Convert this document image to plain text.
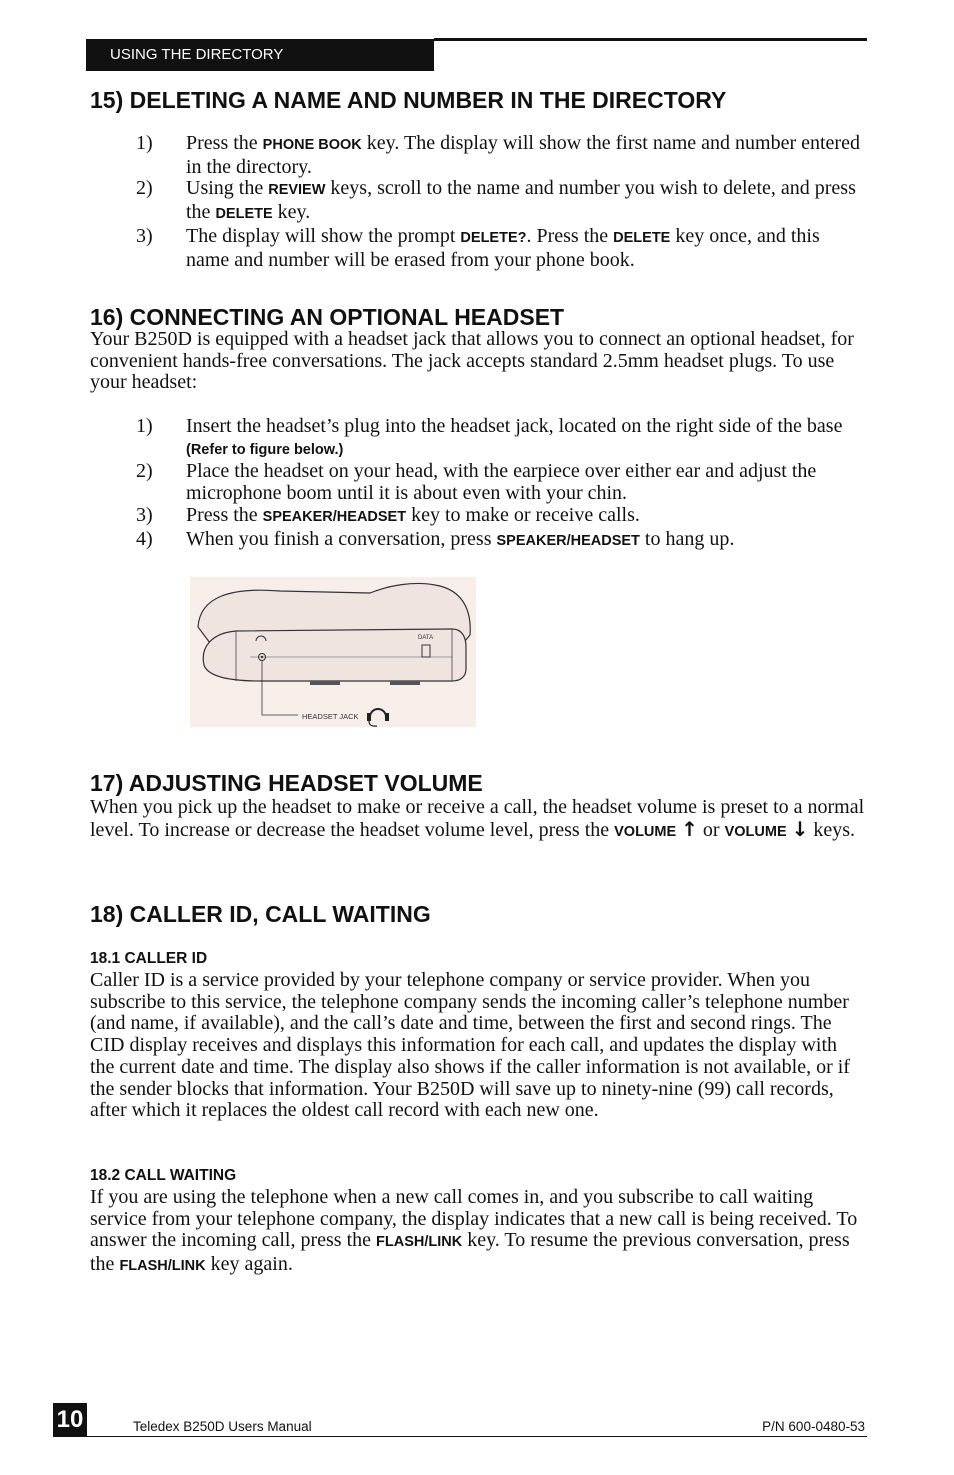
USING THE DIRECTORY
15) DELETING A NAME AND NUMBER IN THE DIRECTORY
1) Press the PHONE BOOK key. The display will show the first name and number entered in the directory.
2) Using the REVIEW keys, scroll to the name and number you wish to delete, and press the DELETE key.
3) The display will show the prompt DELETE?. Press the DELETE key once, and this name and number will be erased from your phone book.
16) CONNECTING AN OPTIONAL HEADSET

Your B250D is equipped with a headset jack that allows you to connect an optional headset, for convenient hands-free conversations. The jack accepts standard 2.5mm headset plugs. To use your headset:

1) Insert the headset’s plug into the headset jack, located on the right side of the base (Refer to figure below.)
2) Place the headset on your head, with the earpiece over either ear and adjust the microphone boom until it is about even with your chin.
3) Press the SPEAKER/HEADSET key to make or receive calls.
4) When you finish a conversation, press SPEAKER/HEADSET to hang up.
DATA
HEADSET JACK
17) ADJUSTING HEADSET VOLUME

When you pick up the headset to make or receive a call, the headset volume is preset to a normal level. To increase or decrease the headset volume level, press the VOLUME ↑ or VOLUME ↓ keys.

18) CALLER ID, CALL WAITING
18.1 CALLER ID

Caller ID is a service provided by your telephone company or service provider. When you subscribe to this service, the telephone company sends the incoming caller’s telephone number (and name, if available), and the call’s date and time, between the first and second rings. The CID display receives and displays this information for each call, and updates the display with the current date and time. The display also shows if the caller information is not available, or if the sender blocks that information. Your B250D will save up to ninety-nine (99) call records, after which it replaces the oldest call record with each new one.

18.2 CALL WAITING

If you are using the telephone when a new call comes in, and you subscribe to call waiting service from your telephone company, the display indicates that a new call is being received. To answer the incoming call, press the FLASH/LINK key. To resume the previous conversation, press the FLASH/LINK key again.

10	Teledex B250D Users Manual	P/N 600-0480-53
